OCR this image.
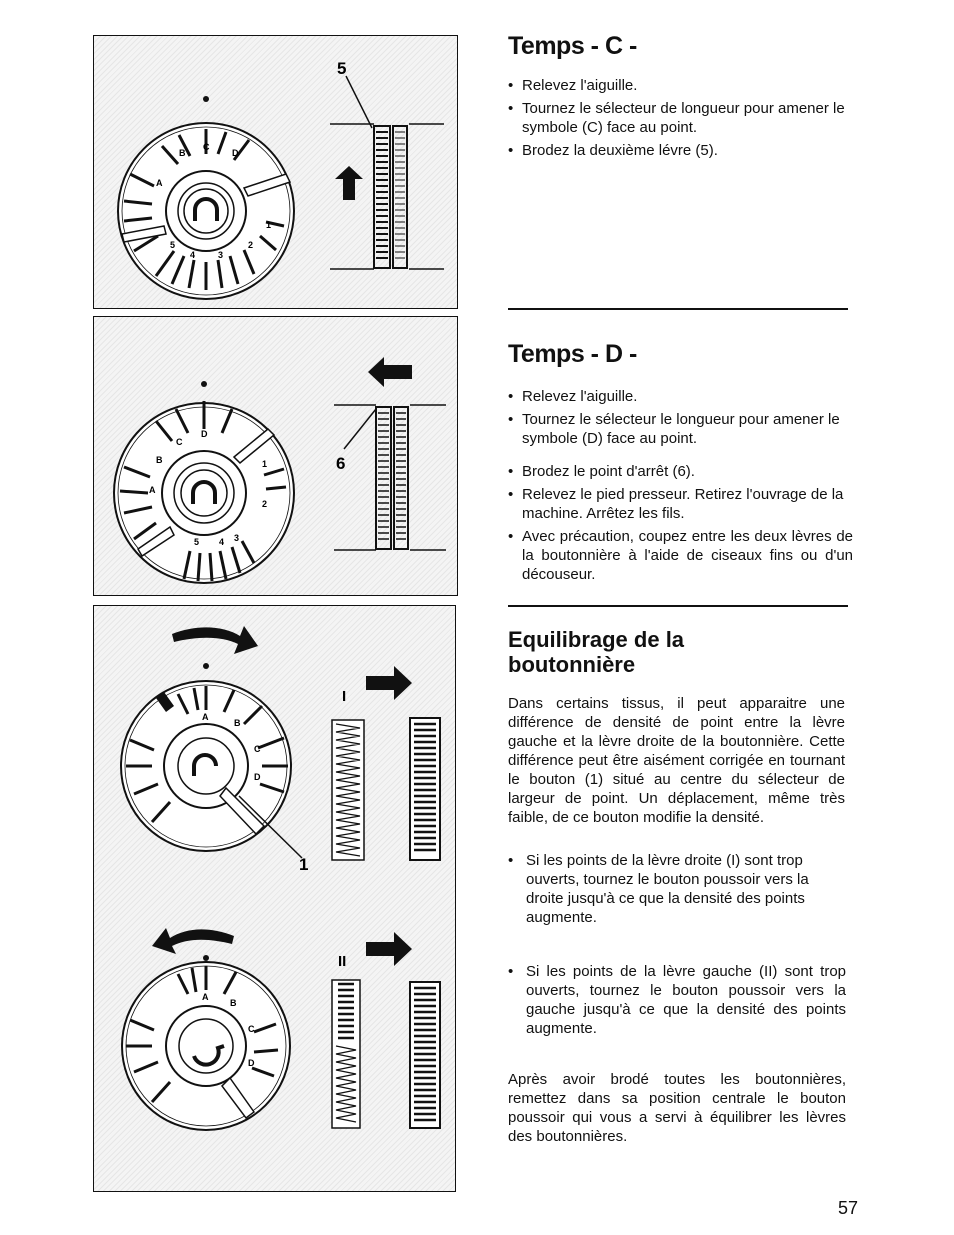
B
C
D
A
1
2
3
4
5
5
C
D
B
A
1
2
3
4
5
6
A
B
C
D
1
I
A
B
C
D
II
Temps - C -
• Relevez l'aiguille.
• Tournez le sélecteur de longueur pour amener le symbole (C) face au point.
• Brodez la deuxième lévre (5).
Temps - D -
• Relevez l'aiguille.
• Tournez le sélecteur le longueur pour amener le symbole (D) face au point.
• Brodez le point d'arrêt (6).
• Relevez le pied presseur. Retirez l'ouvrage de la machine. Arrêtez les fils.
• Avec précaution, coupez entre les deux lèvres de la boutonnière à l'aide de ciseaux fins ou d'un découseur.
Equilibrage de la
boutonnière

Dans certains tissus, il peut apparaitre une différence de densité de point entre la lèvre gauche et la lèvre droite de la boutonnière. Cette différence peut être aisément corrigée en tournant le bouton (1) situé au centre du sélecteur de largeur de point. Un déplacement, même très faible, de ce bouton modifie la densité.

• Si les points de la lèvre droite (I) sont trop ouverts, tournez le bouton poussoir vers la droite jusqu'à ce que la densité des points augmente.
• Si les points de la lèvre gauche (II) sont trop ouverts, tournez le bouton poussoir vers la gauche jusqu'à ce que la densité des points augmente.

Après avoir brodé toutes les boutonnières, remettez dans sa position centrale le bouton poussoir qui vous a servi à équilibrer les lèvres des boutonnières.

57
